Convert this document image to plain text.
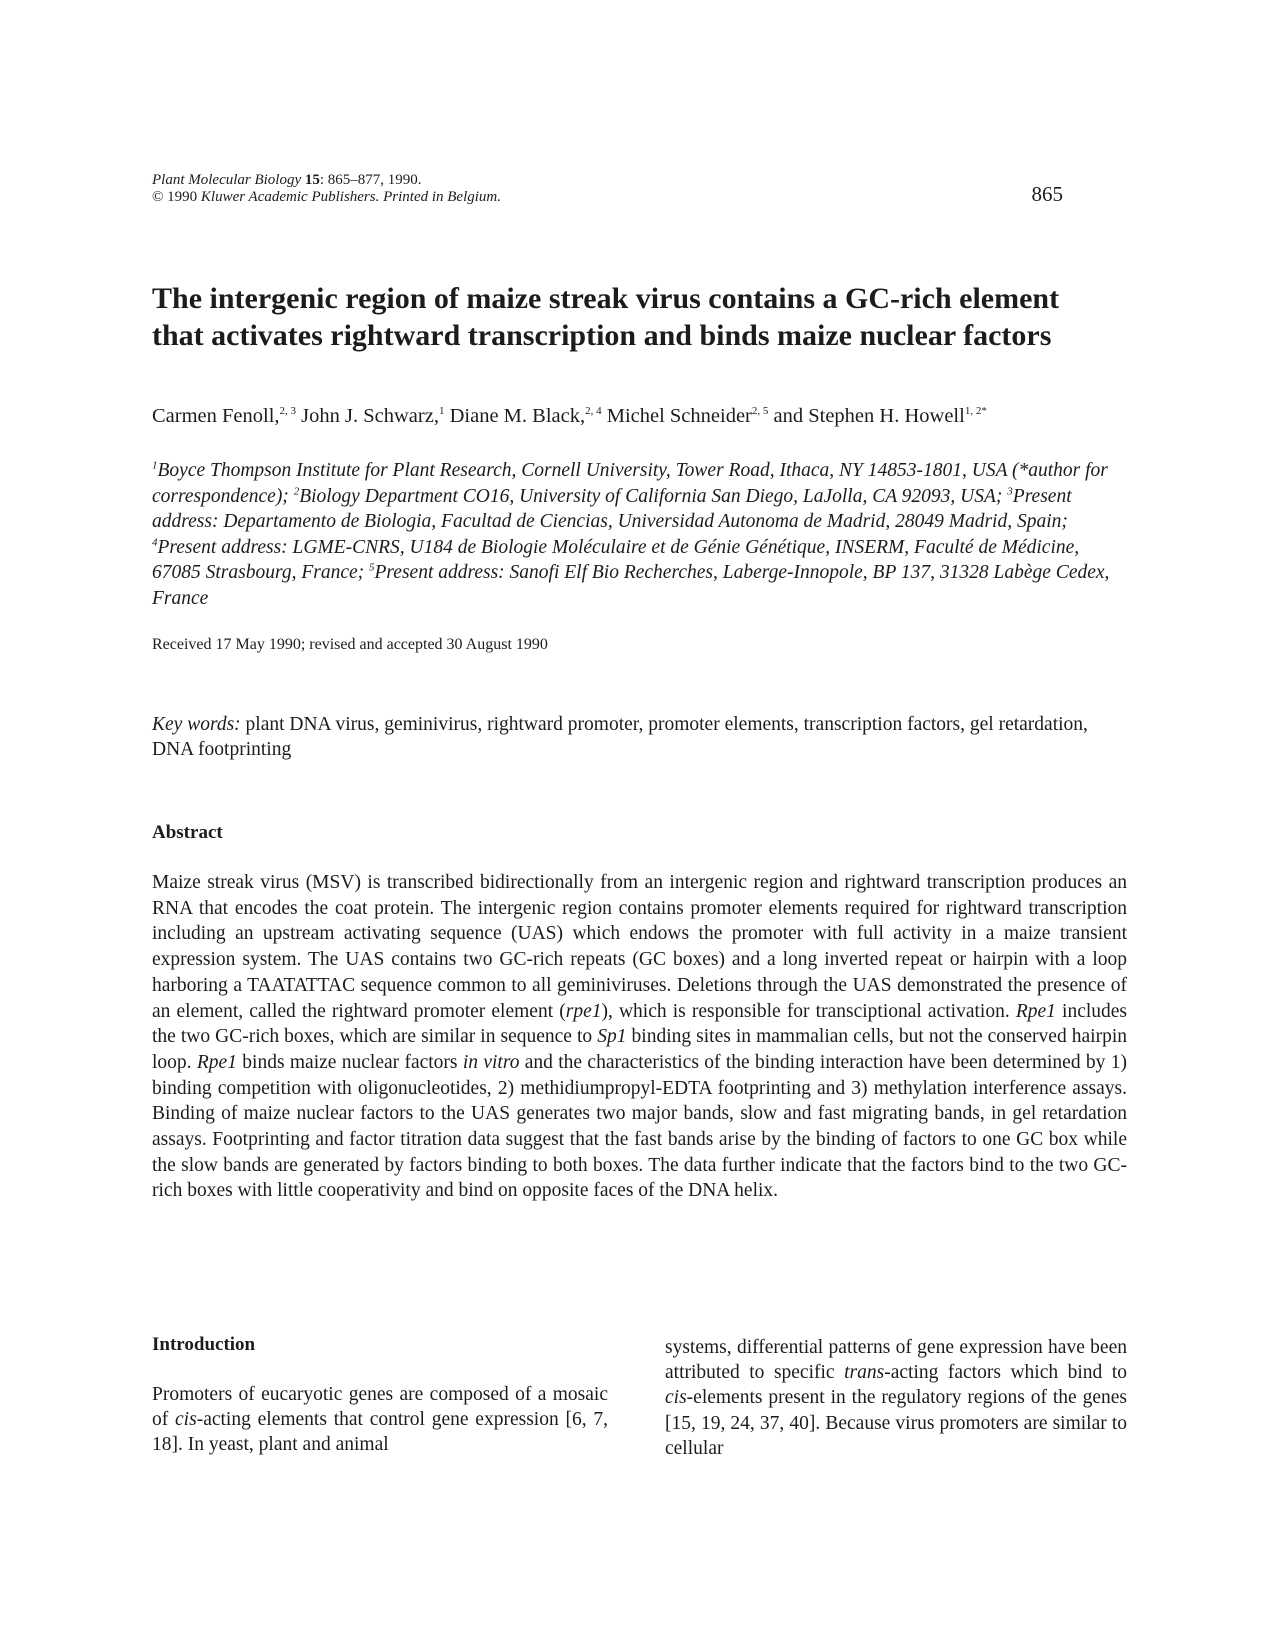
Plant Molecular Biology 15: 865–877, 1990.
© 1990 Kluwer Academic Publishers. Printed in Belgium.	865
The intergenic region of maize streak virus contains a GC-rich element
that activates rightward transcription and binds maize nuclear factors
Carmen Fenoll,$^{2, 3}$ John J. Schwarz,$^1$ Diane M. Black,$^{2, 4}$ Michel Schneider$^{2, 5}$ and Stephen H. Howell$^{1, 2*}$
$^1$Boyce Thompson Institute for Plant Research, Cornell University, Tower Road, Ithaca, NY 14853-1801, USA (*author for correspondence); $^2$Biology Department CO16, University of California San Diego, LaJolla, CA 92093, USA; $^3$Present address: Departamento de Biologia, Facultad de Ciencias, Universidad Autonoma de Madrid, 28049 Madrid, Spain; $^4$Present address: LGME-CNRS, U184 de Biologie Moléculaire et de Génie Génétique, INSERM, Faculté de Médicine, 67085 Strasbourg, France; $^5$Present address: Sanofi Elf Bio Recherches, Laberge-Innopole, BP 137, 31328 Labège Cedex, France
Received 17 May 1990; revised and accepted 30 August 1990
Key words: plant DNA virus, geminivirus, rightward promoter, promoter elements, transcription factors, gel retardation, DNA footprinting
Abstract
Maize streak virus (MSV) is transcribed bidirectionally from an intergenic region and rightward transcription produces an RNA that encodes the coat protein. The intergenic region contains promoter elements required for rightward transcription including an upstream activating sequence (UAS) which endows the promoter with full activity in a maize transient expression system. The UAS contains two GC-rich repeats (GC boxes) and a long inverted repeat or hairpin with a loop harboring a TAATATTAC sequence common to all geminiviruses. Deletions through the UAS demonstrated the presence of an element, called the rightward promoter element (rpe1), which is responsible for transciptional activation. Rpe1 includes the two GC-rich boxes, which are similar in sequence to Sp1 binding sites in mammalian cells, but not the conserved hairpin loop. Rpe1 binds maize nuclear factors in vitro and the characteristics of the binding interaction have been determined by 1) binding competition with oligonucleotides, 2) methidiumpropyl-EDTA footprinting and 3) methylation interference assays. Binding of maize nuclear factors to the UAS generates two major bands, slow and fast migrating bands, in gel retardation assays. Footprinting and factor titration data suggest that the fast bands arise by the binding of factors to one GC box while the slow bands are generated by factors binding to both boxes. The data further indicate that the factors bind to the two GC-rich boxes with little cooperativity and bind on opposite faces of the DNA helix.
Introduction
Promoters of eucaryotic genes are composed of a mosaic of cis-acting elements that control gene expression [6, 7, 18]. In yeast, plant and animal
systems, differential patterns of gene expression have been attributed to specific trans-acting factors which bind to cis-elements present in the regulatory regions of the genes [15, 19, 24, 37, 40]. Because virus promoters are similar to cellular
